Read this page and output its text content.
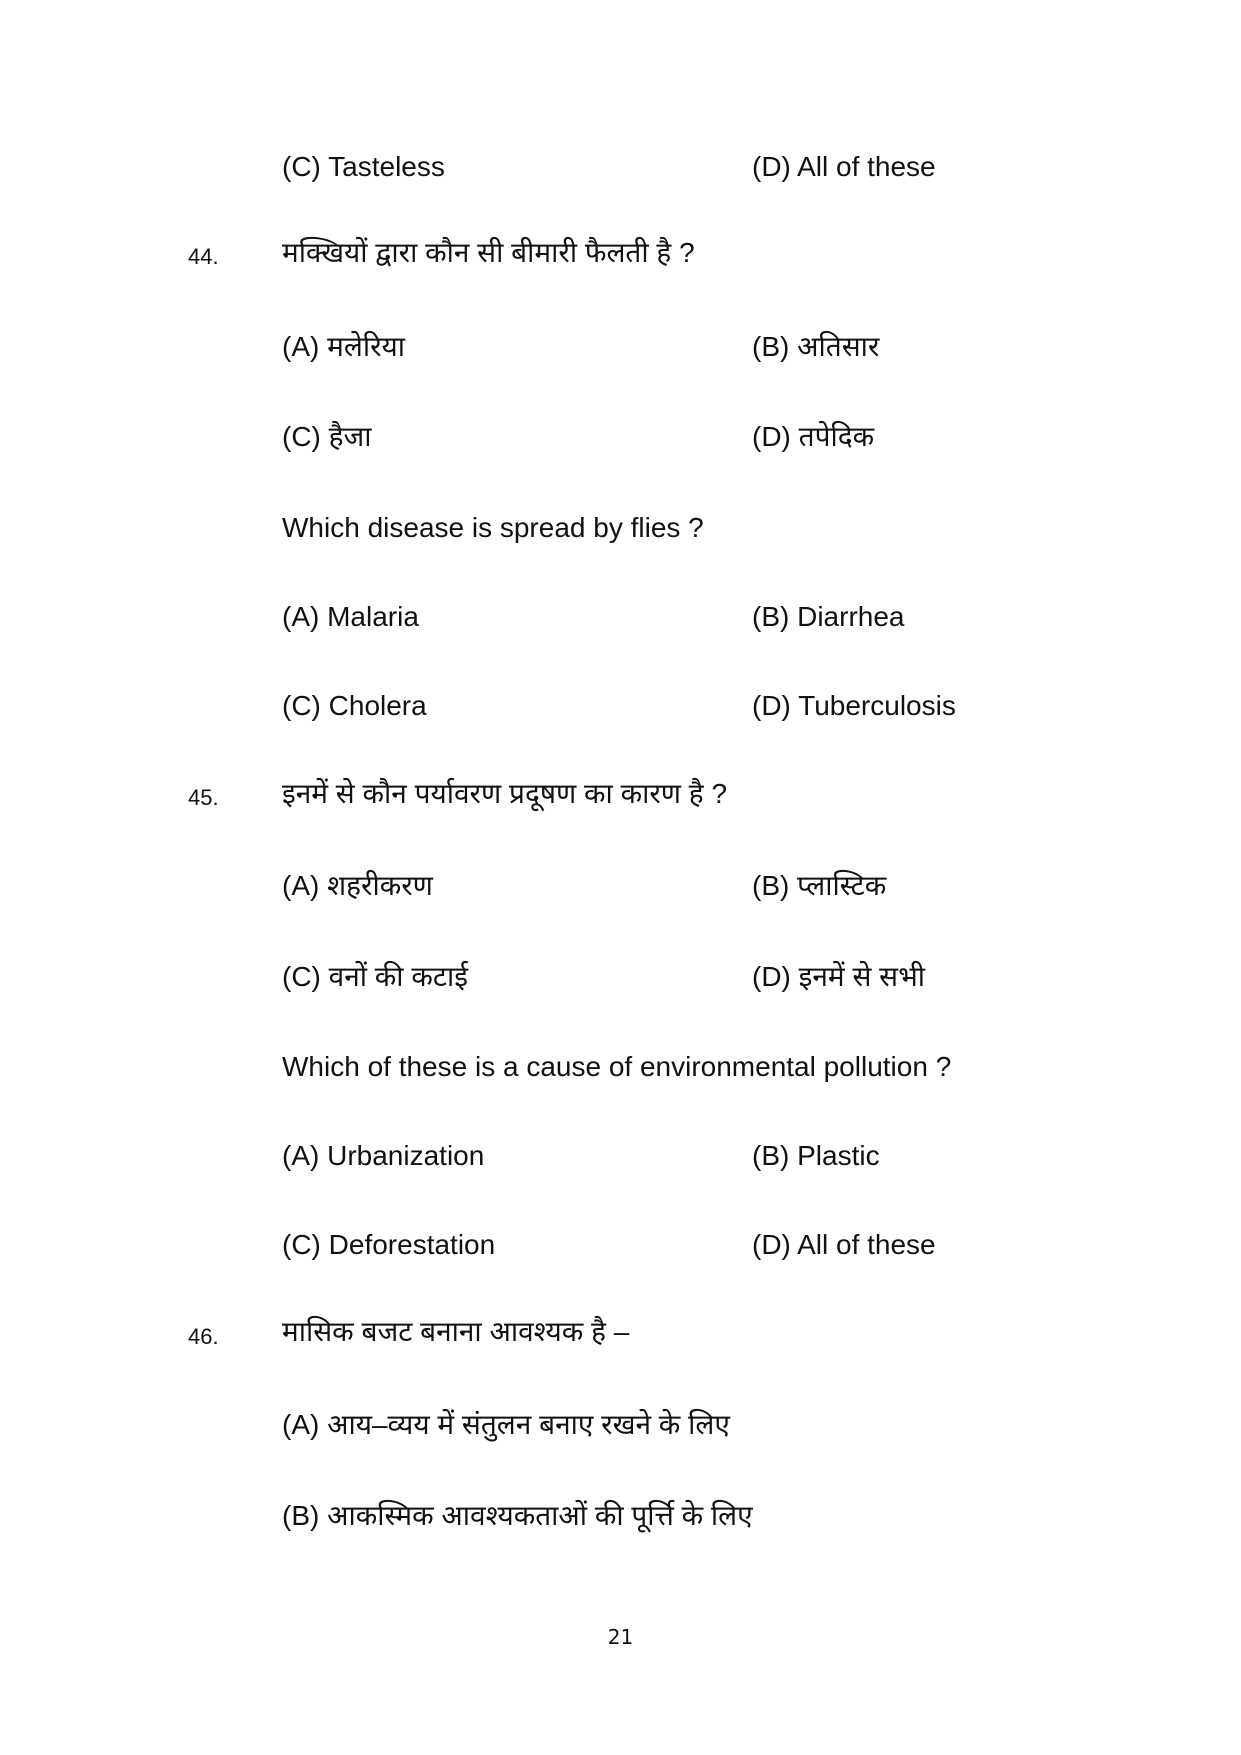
(C) Tasteless	(D) All of these
44. मक्खियों द्वारा कौन सी बीमारी फैलती है ?
(A) मलेरिया	(B) अतिसार
(C) हैजा	(D) तपेदिक
Which disease is spread by flies ?
(A) Malaria	(B) Diarrhea
(C) Cholera	(D) Tuberculosis
45. इनमें से कौन पर्यावरण प्रदूषण का कारण है ?
(A) शहरीकरण	(B) प्लास्टिक
(C) वनों की कटाई	(D) इनमें से सभी
Which of these is a cause of environmental pollution ?
(A) Urbanization	(B) Plastic
(C) Deforestation	(D) All of these
46. मासिक बजट बनाना आवश्यक है –
(A) आय–व्यय में संतुलन बनाए रखने के लिए
(B) आकस्मिक आवश्यकताओं की पूर्त्ति के लिए
21
